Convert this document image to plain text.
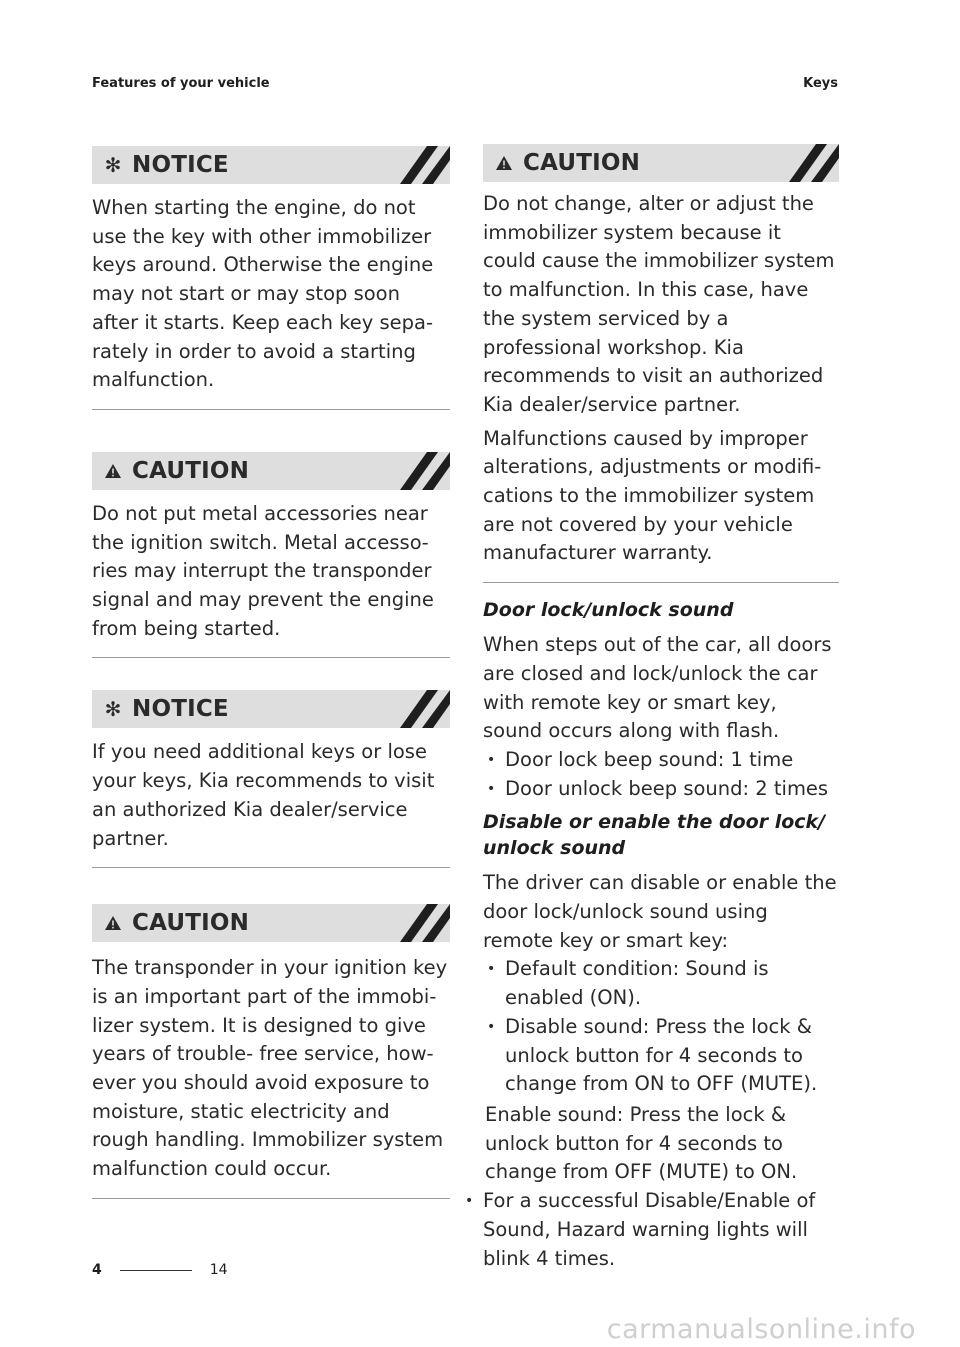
Features of your vehicle	Keys
✻ NOTICE

When starting the engine, do not use the key with other immobilizer keys around. Otherwise the engine may not start or may stop soon after it starts. Keep each key sepa‐ rately in order to avoid a starting malfunction.

CAUTION

Do not put metal accessories near the ignition switch. Metal accesso‐ ries may interrupt the transponder signal and may prevent the engine from being started.

✻ NOTICE

If you need additional keys or lose your keys, Kia recommends to visit an authorized Kia dealer/service partner.

CAUTION

The transponder in your ignition key is an important part of the immobi‐ lizer system. It is designed to give years of trouble- free service, how‐ ever you should avoid exposure to moisture, static electricity and rough handling. Immobilizer system malfunction could occur.

CAUTION

Do not change, alter or adjust the immobilizer system because it could cause the immobilizer system to malfunction. In this case, have the system serviced by a professional workshop. Kia recommends to visit an authorized Kia dealer/service partner.

Malfunctions caused by improper alterations, adjustments or modifi‐ cations to the immobilizer system are not covered by your vehicle manufacturer warranty.

Door lock/unlock sound

When steps out of the car, all doors are closed and lock/unlock the car with remote key or smart key, sound occurs along with flash.

• Door lock beep sound: 1 time
• Door unlock beep sound: 2 times
Disable or enable the door lock/ unlock sound

The driver can disable or enable the door lock/unlock sound using remote key or smart key:

• Default condition: Sound is enabled (ON).
• Disable sound: Press the lock & unlock button for 4 seconds to change from ON to OFF (MUTE).

Enable sound: Press the lock & unlock button for 4 seconds to change from OFF (MUTE) to ON.

• For a successful Disable/Enable of Sound, Hazard warning lights will blink 4 times.
4	14
carmanualsonline.info
